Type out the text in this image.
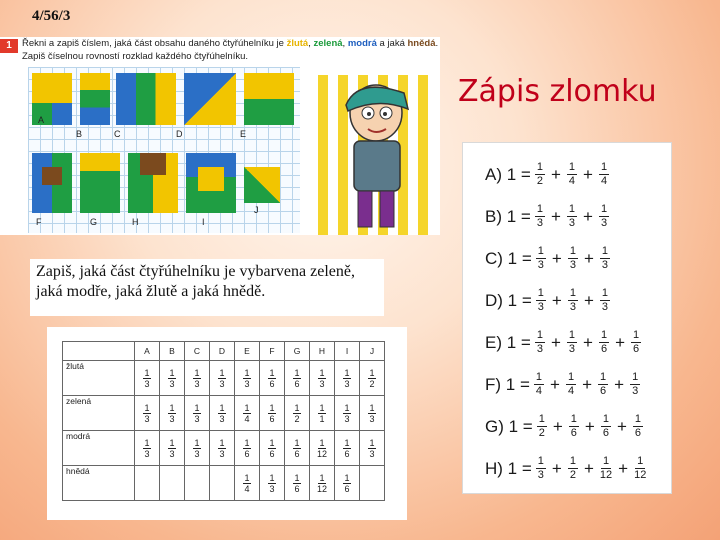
4/56/3
Zápis zlomku
1	Řekni a zapiš číslem, jaká část obsahu daného čtyřúhelníku je žlutá, zelená, modrá a jaká hnědá. Zapiš číselnou rovností rozklad každého čtyřúhelníku.
A
B	C	D	E
F	G	H	I
J
Zapiš, jaká část čtyřúhelníku je vybarvena zeleně, jaká modře, jaká žlutě a jaká hnědě.
	A	B	C	D	E	F	G	H	I	J
žlutá	$\frac{1}{3}$	$\frac{1}{3}$	$\frac{1}{3}$	$\frac{1}{3}$	$\frac{1}{3}$	$\frac{1}{6}$	$\frac{1}{6}$	$\frac{1}{3}$	$\frac{1}{3}$	$\frac{1}{2}$

zelená	$\frac{1}{3}$	$\frac{1}{3}$	$\frac{1}{3}$	$\frac{1}{3}$	$\frac{1}{4}$	$\frac{1}{6}$	$\frac{1}{2}$	$\frac{1}{1}$	$\frac{1}{3}$	$\frac{1}{3}$

modrá	$\frac{1}{3}$	$\frac{1}{3}$	$\frac{1}{3}$	$\frac{1}{3}$	$\frac{1}{6}$	$\frac{1}{6}$	$\frac{1}{6}$	$\frac{1}{12}$	$\frac{1}{6}$	$\frac{1}{3}$

hnědá					$\frac{1}{4}$	$\frac{1}{3}$	$\frac{1}{6}$	$\frac{1}{12}$	$\frac{1}{6}$

A) $1 = \frac{1}{2} + \frac{1}{4} + \frac{1}{4}$
B) $1 = \frac{1}{3} + \frac{1}{3} + \frac{1}{3}$
C) $1 = \frac{1}{3} + \frac{1}{3} + \frac{1}{3}$
D) $1 = \frac{1}{3} + \frac{1}{3} + \frac{1}{3}$
E) $1 = \frac{1}{3} + \frac{1}{3} + \frac{1}{6} + \frac{1}{6}$
F) $1 = \frac{1}{4} + \frac{1}{4} + \frac{1}{6} + \frac{1}{3}$
G) $1 = \frac{1}{2} + \frac{1}{6} + \frac{1}{6} + \frac{1}{6}$
H) $1 = \frac{1}{3} + \frac{1}{2} + \frac{1}{12} + \frac{1}{12}$
